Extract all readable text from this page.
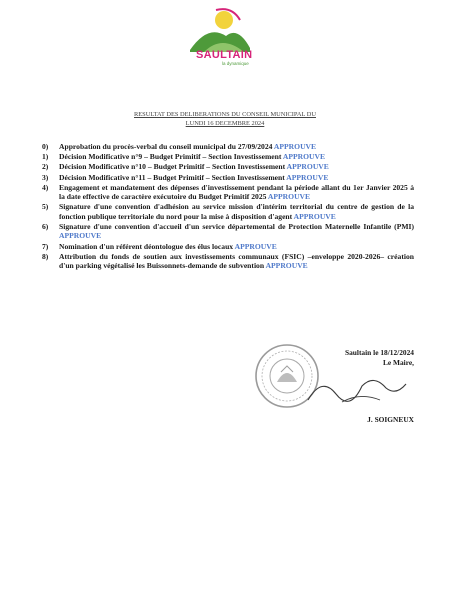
SAULTAIN
la dynamique
RESULTAT DES DELIBERATIONS DU CONSEIL MUNICIPAL DU
LUNDI 16 DECEMBRE 2024
0) Approbation du procès-verbal du conseil municipal du 27/09/2024 APPROUVE
1) Décision Modificative n°9 – Budget Primitif – Section Investissement APPROUVE
2) Décision Modificative n°10 – Budget Primitif – Section Investissement APPROUVE
3) Décision Modificative n°11 – Budget Primitif – Section Investissement APPROUVE
4) Engagement et mandatement des dépenses d'investissement pendant la période allant du 1er Janvier 2025 à la date effective de caractère exécutoire du Budget Primitif 2025 APPROUVE
5) Signature d'une convention d'adhésion au service mission d'intérim territorial du centre de gestion de la fonction publique territoriale du nord pour la mise à disposition d'agent APPROUVE
6) Signature d'une convention d'accueil d'un service départemental de Protection Maternelle Infantile (PMI) APPROUVE
7) Nomination d'un référent déontologue des élus locaux APPROUVE
8) Attribution du fonds de soutien aux investissements communaux (FSIC) –enveloppe 2020-2026– création d'un parking végétalisé les Buissonnets-demande de subvention APPROUVE
Saultain le 18/12/2024
Le Maire,
J. SOIGNEUX
